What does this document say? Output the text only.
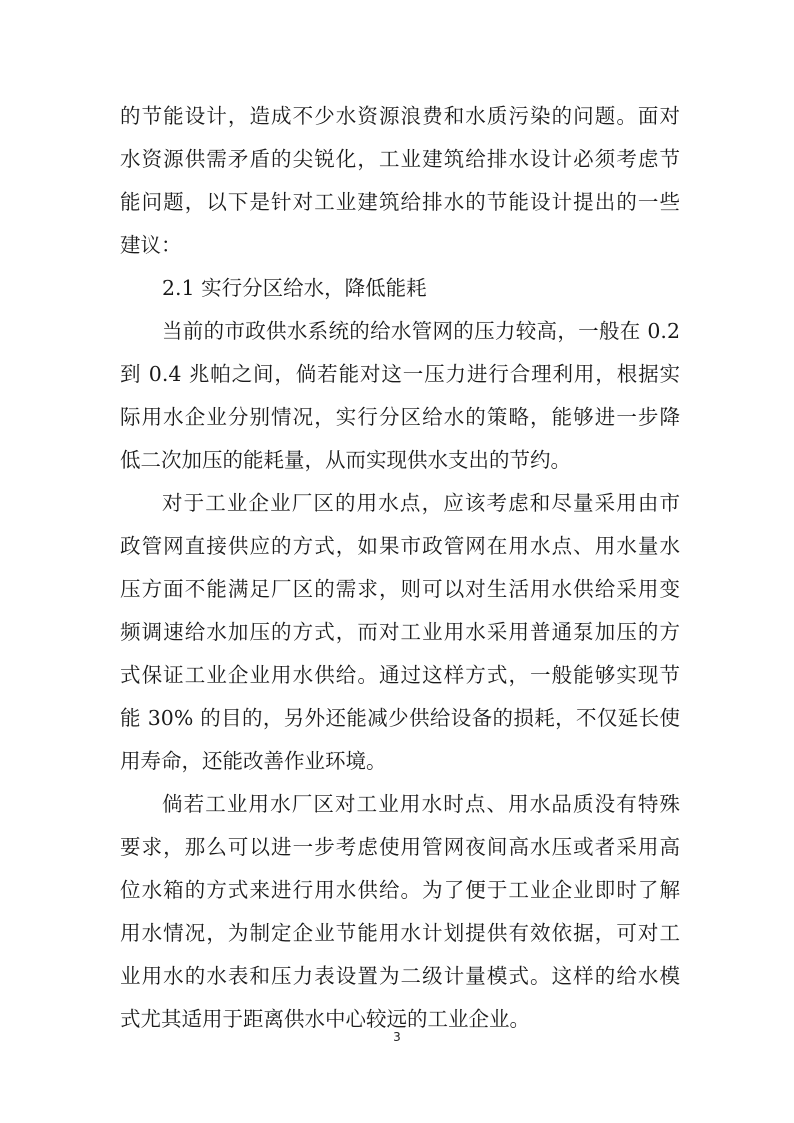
的节能设计，造成不少水资源浪费和水质污染的问题。面对
水资源供需矛盾的尖锐化，工业建筑给排水设计必须考虑节
能问题，以下是针对工业建筑给排水的节能设计提出的一些
建议：
2.1 实行分区给水，降低能耗
当前的市政供水系统的给水管网的压力较高，一般在 0.2
到 0.4 兆帕之间，倘若能对这一压力进行合理利用，根据实
际用水企业分别情况，实行分区给水的策略，能够进一步降
低二次加压的能耗量，从而实现供水支出的节约。
对于工业企业厂区的用水点，应该考虑和尽量采用由市
政管网直接供应的方式，如果市政管网在用水点、用水量水
压方面不能满足厂区的需求，则可以对生活用水供给采用变
频调速给水加压的方式，而对工业用水采用普通泵加压的方
式保证工业企业用水供给。通过这样方式，一般能够实现节
能 30% 的目的，另外还能减少供给设备的损耗，不仅延长使
用寿命，还能改善作业环境。
倘若工业用水厂区对工业用水时点、用水品质没有特殊
要求，那么可以进一步考虑使用管网夜间高水压或者采用高
位水箱的方式来进行用水供给。为了便于工业企业即时了解
用水情况，为制定企业节能用水计划提供有效依据，可对工
业用水的水表和压力表设置为二级计量模式。这样的给水模
式尤其适用于距离供水中心较远的工业企业。
3
